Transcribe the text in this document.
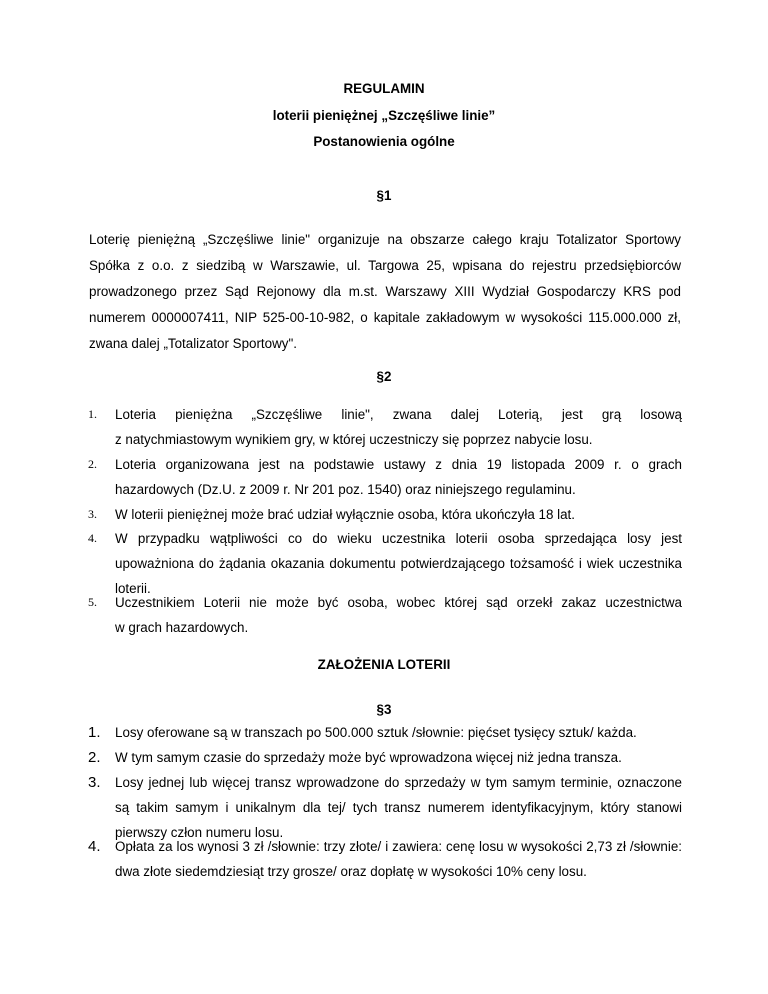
REGULAMIN

loterii pieniężnej „Szczęśliwe linie”

Postanowienia ogólne

§1

Loterię pieniężną „Szczęśliwe linie" organizuje na obszarze całego kraju Totalizator Sportowy Spółka z o.o. z siedzibą w Warszawie, ul. Targowa 25, wpisana do rejestru przedsiębiorców prowadzonego przez Sąd Rejonowy dla m.st. Warszawy XIII Wydział Gospodarczy KRS pod numerem 0000007411, NIP 525-00-10-982, o kapitale zakładowym w wysokości 115.000.000 zł, zwana dalej „Totalizator Sportowy".

§2

1. Loteria pieniężna „Szczęśliwe linie", zwana dalej Loterią, jest grą losową
z natychmiastowym wynikiem gry, w której uczestniczy się poprzez nabycie losu.
2. Loteria organizowana jest na podstawie ustawy z dnia 19 listopada 2009 r. o grach hazardowych (Dz.U. z 2009 r. Nr 201 poz. 1540) oraz niniejszego regulaminu.
3. W loterii pieniężnej może brać udział wyłącznie osoba, która ukończyła 18 lat.
4. W przypadku wątpliwości co do wieku uczestnika loterii osoba sprzedająca losy jest upoważniona do żądania okazania dokumentu potwierdzającego tożsamość i wiek uczestnika loterii.
5. Uczestnikiem Loterii nie może być osoba, wobec której sąd orzekł zakaz uczestnictwa
w grach hazardowych.

ZAŁOŻENIA LOTERII

§3

1. Losy oferowane są w transzach po 500.000 sztuk /słownie: pięćset tysięcy sztuk/ każda.
2. W tym samym czasie do sprzedaży może być wprowadzona więcej niż jedna transza.
3. Losy jednej lub więcej transz wprowadzone do sprzedaży w tym samym terminie, oznaczone są takim samym i unikalnym dla tej/ tych transz numerem identyfikacyjnym, który stanowi pierwszy człon numeru losu.
4. Opłata za los wynosi 3 zł /słownie: trzy złote/ i zawiera: cenę losu w wysokości 2,73 zł /słownie: dwa złote siedemdziesiąt trzy grosze/ oraz dopłatę w wysokości 10% ceny losu.
